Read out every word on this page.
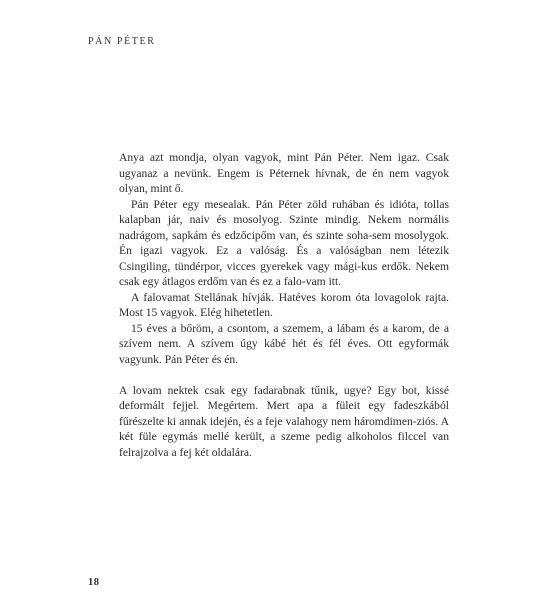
PÁN PÉTER

Anya azt mondja, olyan vagyok, mint Pán Péter. Nem igaz. Csak ugyanaz a nevünk. Engem is Péternek hívnak, de én nem vagyok olyan, mint ő.

Pán Péter egy mesealak. Pán Péter zöld ruhában és idióta, tollas kalapban jár, naiv és mosolyog. Szinte mindig. Nekem normális nadrágom, sapkám és edzőcipőm van, és szinte soha-sem mosolygok. Én igazi vagyok. Ez a valóság. És a valóságban nem létezik Csingiling, tündérpor, vicces gyerekek vagy mági-kus erdők. Nekem csak egy átlagos erdőm van és ez a falo-vam itt.

A falovamat Stellának hívják. Hatéves korom óta lovagolok rajta. Most 15 vagyok. Elég hihetetlen.

15 éves a bőröm, a csontom, a szemem, a lábam és a karom, de a szívem nem. A szívem úgy kábé hét és fél éves. Ott egyformák vagyunk. Pán Péter és én.

A lovam nektek csak egy fadarabnak tűnik, ugye? Egy bot, kissé deformált fejjel. Megértem. Mert apa a füleit egy fadeszkából fűrészelte ki annak idején, és a feje valahogy nem háromdimen-ziós. A két füle egymás mellé került, a szeme pedig alkoholos filccel van felrajzolva a fej két oldalára.

18
